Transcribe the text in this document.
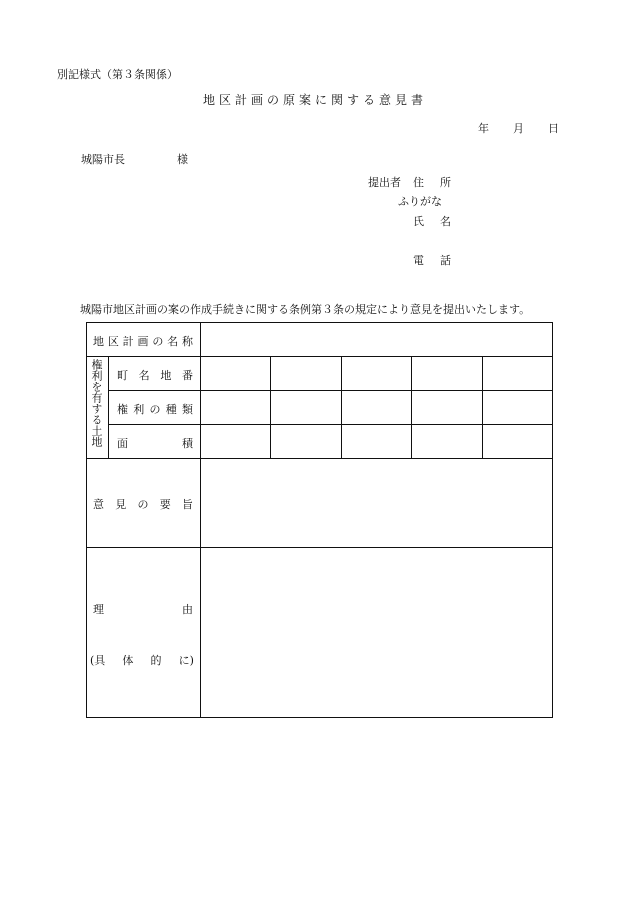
別記様式（第３条関係）
地区計画の原案に関する意見書
年 月 日
城陽市長	様
提出者 住 所
ふりがな
氏 名
電 話
城陽市地区計画の案の作成手続きに関する条例第３条の規定により意見を提出いたします。
地 区 計 画 の 名 称
権利を有する土地 町 名 地 番
権 利 の 種 類
面	積
意 見 の 要 旨
理	由
(具 体 的 に)
